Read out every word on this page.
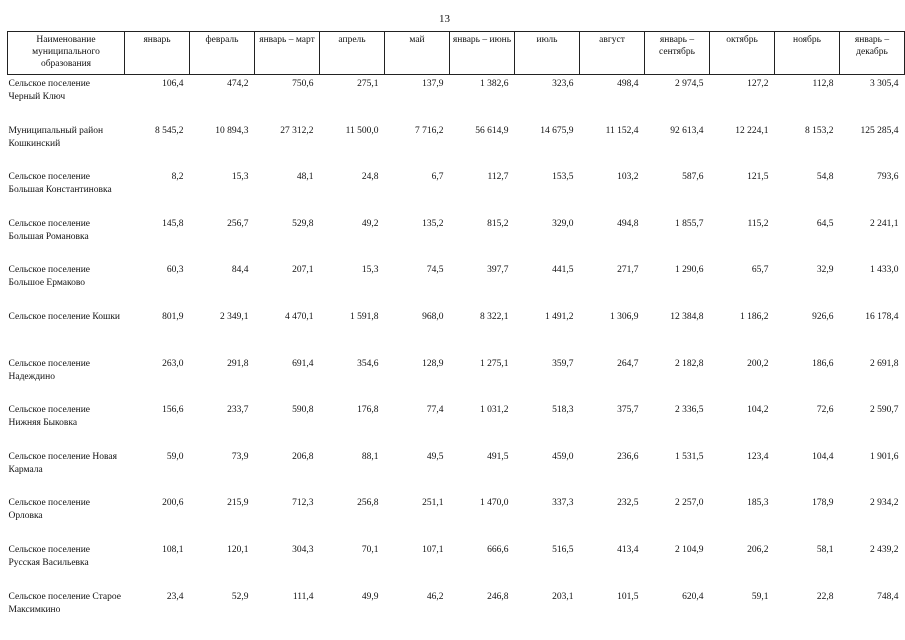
13
Наименование муниципального образования	январь	февраль	январь – март	апрель	май	январь – июнь	июль	август	январь – сентябрь	октябрь	ноябрь	январь – декабрь
Сельское поселение Черный Ключ	106,4	474,2	750,6	275,1	137,9	1 382,6	323,6	498,4	2 974,5	127,2	112,8	3 305,4
Муниципальный район Кошкинский	8 545,2	10 894,3	27 312,2	11 500,0	7 716,2	56 614,9	14 675,9	11 152,4	92 613,4	12 224,1	8 153,2	125 285,4
Сельское поселение Большая Константиновка	8,2	15,3	48,1	24,8	6,7	112,7	153,5	103,2	587,6	121,5	54,8	793,6
Сельское поселение Большая Романовка	145,8	256,7	529,8	49,2	135,2	815,2	329,0	494,8	1 855,7	115,2	64,5	2 241,1
Сельское поселение Большое Ермаково	60,3	84,4	207,1	15,3	74,5	397,7	441,5	271,7	1 290,6	65,7	32,9	1 433,0
Сельское поселение Кошки	801,9	2 349,1	4 470,1	1 591,8	968,0	8 322,1	1 491,2	1 306,9	12 384,8	1 186,2	926,6	16 178,4
Сельское поселение Надеждино	263,0	291,8	691,4	354,6	128,9	1 275,1	359,7	264,7	2 182,8	200,2	186,6	2 691,8
Сельское поселение Нижняя Быковка	156,6	233,7	590,8	176,8	77,4	1 031,2	518,3	375,7	2 336,5	104,2	72,6	2 590,7
Сельское поселение Новая Кармала	59,0	73,9	206,8	88,1	49,5	491,5	459,0	236,6	1 531,5	123,4	104,4	1 901,6
Сельское поселение Орловка	200,6	215,9	712,3	256,8	251,1	1 470,0	337,3	232,5	2 257,0	185,3	178,9	2 934,2
Сельское поселение Русская Васильевка	108,1	120,1	304,3	70,1	107,1	666,6	516,5	413,4	2 104,9	206,2	58,1	2 439,2
Сельское поселение Старое Максимкино	23,4	52,9	111,4	49,9	46,2	246,8	203,1	101,5	620,4	59,1	22,8	748,4
